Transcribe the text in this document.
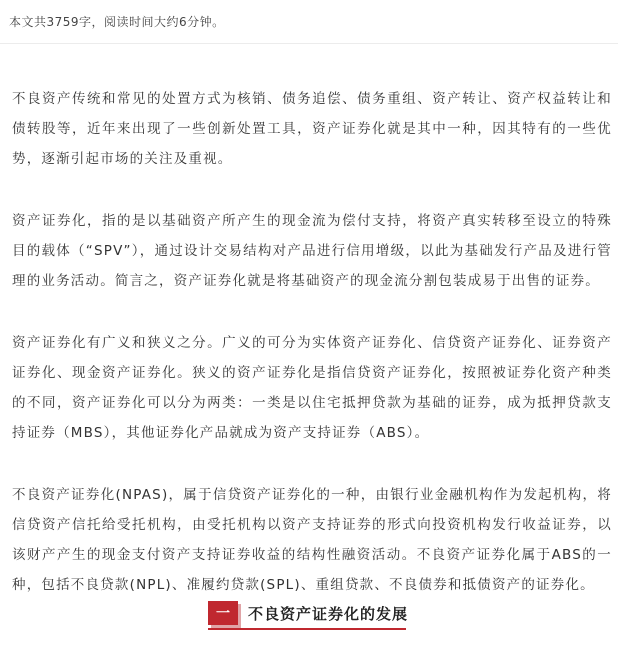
本文共3759字，阅读时间大约6分钟。

不良资产传统和常见的处置方式为核销、债务追偿、债务重组、资产转让、资产权益转让和债转股等，近年来出现了一些创新处置工具，资产证券化就是其中一种，因其特有的一些优势，逐渐引起市场的关注及重视。

资产证券化，指的是以基础资产所产生的现金流为偿付支持，将资产真实转移至设立的特殊目的载体（“SPV”），通过设计交易结构对产品进行信用增级，以此为基础发行产品及进行管理的业务活动。简言之，资产证券化就是将基础资产的现金流分割包装成易于出售的证券。

资产证券化有广义和狭义之分。广义的可分为实体资产证券化、信贷资产证券化、证券资产证券化、现金资产证券化。狭义的资产证券化是指信贷资产证券化，按照被证券化资产种类的不同，资产证券化可以分为两类：一类是以住宅抵押贷款为基础的证券，成为抵押贷款支持证券（MBS），其他证券化产品就成为资产支持证券（ABS）。

不良资产证券化(NPAS)，属于信贷资产证券化的一种，由银行业金融机构作为发起机构，将信贷资产信托给受托机构，由受托机构以资产支持证券的形式向投资机构发行收益证券，以该财产产生的现金支付资产支持证券收益的结构性融资活动。不良资产证券化属于ABS的一种，包括不良贷款(NPL)、准履约贷款(SPL)、重组贷款、不良债券和抵债资产的证券化。

一	不良资产证券化的发展
